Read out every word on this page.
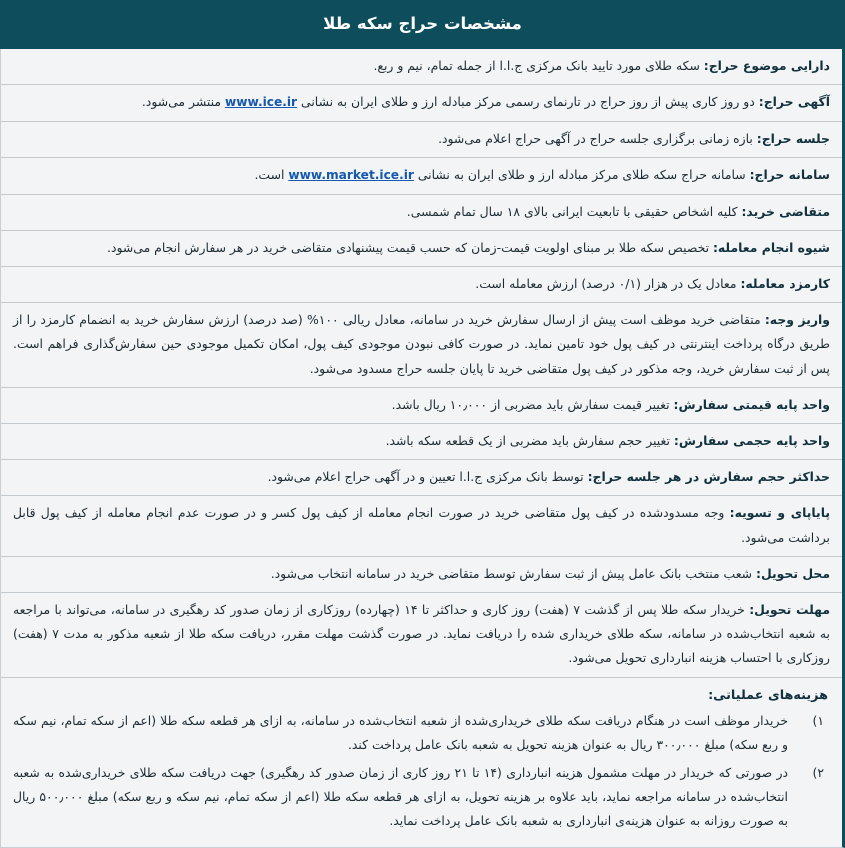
مشخصات حراج سکه طلا
دارایی موضوع حراج: سکه طلای مورد تایید بانک مرکزی ج.ا.ا از جمله تمام، نیم و ربع.
آگهی حراج: دو روز کاری پیش از روز حراج در تارنمای رسمی مرکز مبادله ارز و طلای ایران به نشانی www.ice.ir منتشر می‌شود.
جلسه حراج: بازه زمانی برگزاری جلسه حراج در آگهی حراج اعلام می‌شود.
سامانه حراج: سامانه حراج سکه طلای مرکز مبادله ارز و طلای ایران به نشانی www.market.ice.ir است.
متقاضی خرید: کلیه اشخاص حقیقی با تابعیت ایرانی بالای ۱۸ سال تمام شمسی.
شیوه انجام معامله: تخصیص سکه طلا بر مبنای اولویت قیمت-زمان که حسب قیمت پیشنهادی متقاضی خرید در هر سفارش انجام می‌شود.
کارمزد معامله: معادل یک در هزار (۰/۱ درصد) ارزش معامله است.
واریز وجه: متقاضی خرید موظف است پیش از ارسال سفارش خرید در سامانه، معادل ریالی ۱۰۰% (صد درصد) ارزش سفارش خرید به انضمام کارمزد را از طریق درگاه پرداخت اینترنتی در کیف پول خود تامین نماید. در صورت کافی نبودن موجودی کیف پول، امکان تکمیل موجودی حین سفارش‌گذاری فراهم است. پس از ثبت سفارش خرید، وجه مذکور در کیف پول متقاضی خرید تا پایان جلسه حراج مسدود می‌شود.
واحد پایه قیمتی سفارش: تغییر قیمت سفارش باید مضربی از ۱۰٫۰۰۰ ریال باشد.
واحد پایه حجمی سفارش: تغییر حجم سفارش باید مضربی از یک قطعه سکه باشد.
حداکثر حجم سفارش در هر جلسه حراج: توسط بانک مرکزی ج.ا.ا تعیین و در آگهی حراج اعلام می‌شود.
پایاپای و تسویه: وجه مسدودشده در کیف پول متقاضی خرید در صورت انجام معامله از کیف پول کسر و در صورت عدم انجام معامله از کیف پول قابل برداشت می‌شود.
محل تحویل: شعب منتخب بانک عامل پیش از ثبت سفارش توسط متقاضی خرید در سامانه انتخاب می‌شود.
مهلت تحویل: خریدار سکه طلا پس از گذشت ۷ (هفت) روز کاری و حداکثر تا ۱۴ (چهارده) روزکاری از زمان صدور کد رهگیری در سامانه، می‌تواند با مراجعه به شعبه انتخاب‌شده در سامانه، سکه طلای خریداری شده را دریافت نماید. در صورت گذشت مهلت مقرر، دریافت سکه طلا از شعبه مذکور به مدت ۷ (هفت) روزکاری با احتساب هزینه انبارداری تحویل می‌شود.
هزینه‌های عملیاتی:
۱)
خریدار موظف است در هنگام دریافت سکه طلای خریداری‌شده از شعبه انتخاب‌شده در سامانه، به ازای هر قطعه سکه طلا (اعم از سکه تمام، نیم سکه و ربع سکه) مبلغ ۳۰۰٫۰۰۰ ریال به عنوان هزینه تحویل به شعبه بانک عامل پرداخت کند.
۲)
در صورتی که خریدار در مهلت مشمول هزینه انبارداری (۱۴ تا ۲۱ روز کاری از زمان صدور کد رهگیری) جهت دریافت سکه طلای خریداری‌شده به شعبه انتخاب‌شده در سامانه مراجعه نماید، باید علاوه بر هزینه تحویل، به ازای هر قطعه سکه طلا (اعم از سکه تمام، نیم سکه و ربع سکه) مبلغ ۵۰۰٫۰۰۰ ریال به صورت روزانه به عنوان هزینه‌ی انبارداری به شعبه بانک عامل پرداخت نماید.
